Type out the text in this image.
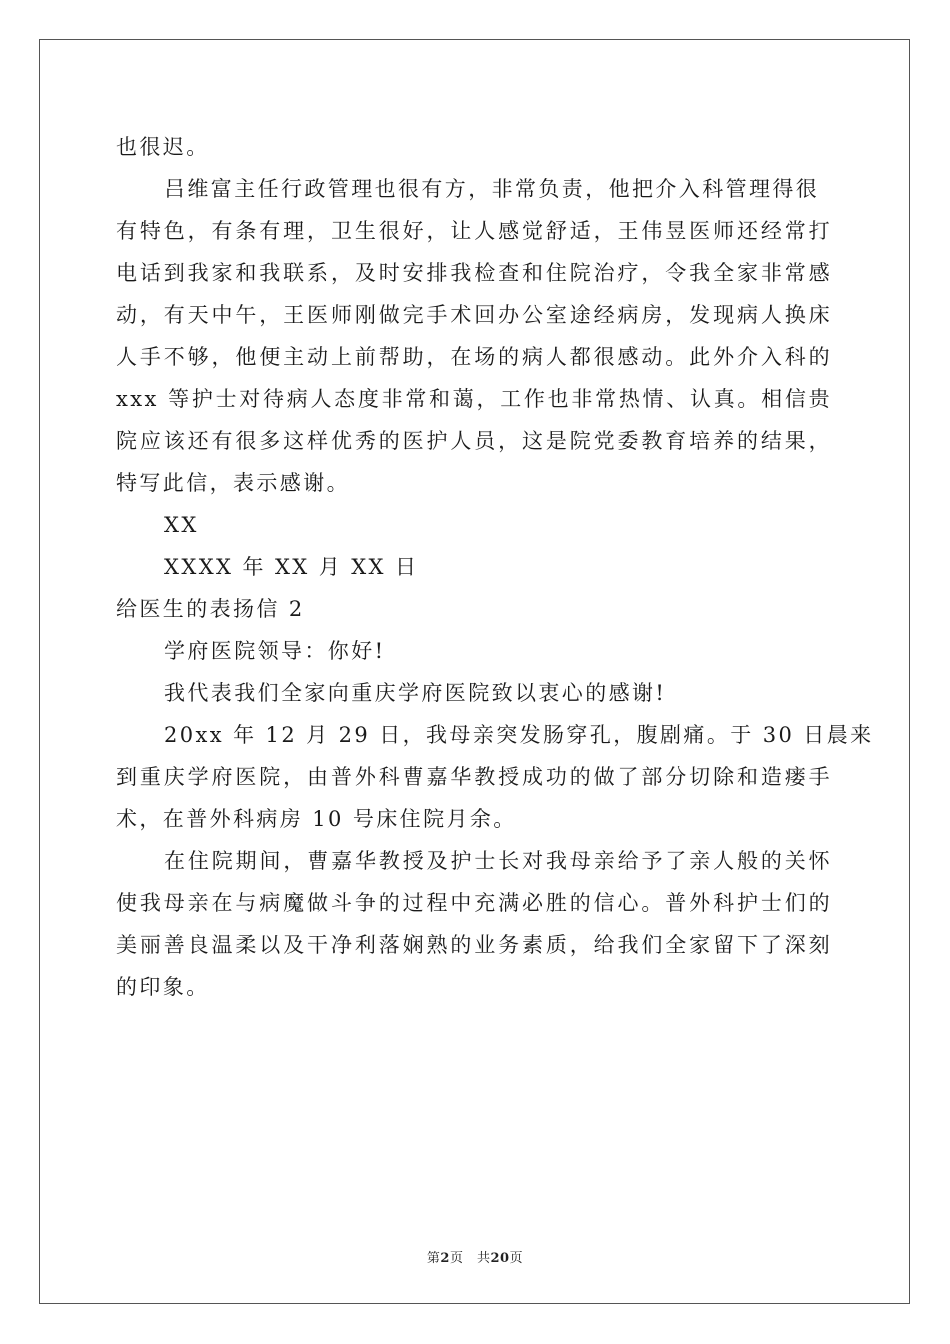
也很迟。

吕维富主任行政管理也很有方，非常负责，他把介入科管理得很

有特色，有条有理，卫生很好，让人感觉舒适，王伟昱医师还经常打

电话到我家和我联系，及时安排我检查和住院治疗，令我全家非常感

动，有天中午，王医师刚做完手术回办公室途经病房，发现病人换床

人手不够，他便主动上前帮助，在场的病人都很感动。此外介入科的

xxx 等护士对待病人态度非常和蔼，工作也非常热情、认真。相信贵

院应该还有很多这样优秀的医护人员，这是院党委教育培养的结果，

特写此信，表示感谢。

XX

XXXX 年 XX 月 XX 日

给医生的表扬信 2

学府医院领导：你好!

我代表我们全家向重庆学府医院致以衷心的感谢!

20xx 年 12 月 29 日，我母亲突发肠穿孔，腹剧痛。于 30 日晨来

到重庆学府医院，由普外科曹嘉华教授成功的做了部分切除和造瘘手

术，在普外科病房 10 号床住院月余。

在住院期间，曹嘉华教授及护士长对我母亲给予了亲人般的关怀

使我母亲在与病魔做斗争的过程中充满必胜的信心。普外科护士们的

美丽善良温柔以及干净利落娴熟的业务素质，给我们全家留下了深刻

的印象。

第2页　共20页
